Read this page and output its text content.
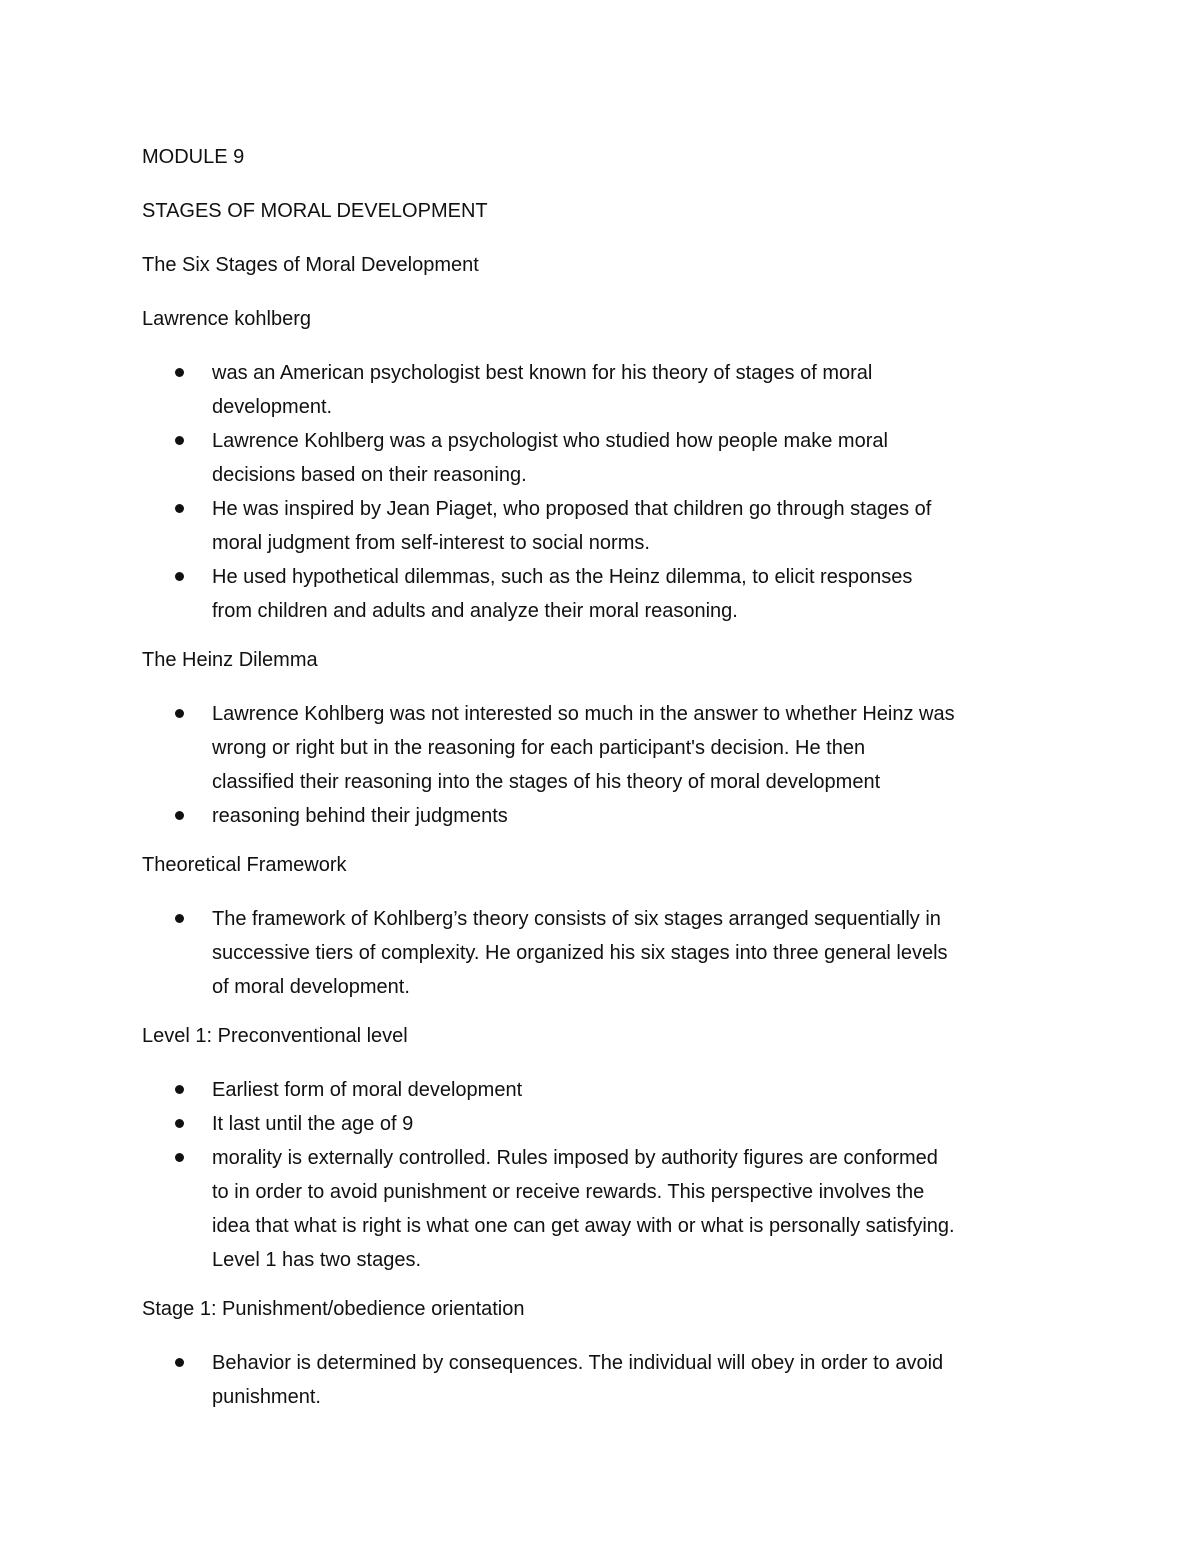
MODULE 9

STAGES OF MORAL DEVELOPMENT

The Six Stages of Moral Development

Lawrence kohlberg

was an American psychologist best known for his theory of stages of moral
development.
Lawrence Kohlberg was a psychologist who studied how people make moral
decisions based on their reasoning.
He was inspired by Jean Piaget, who proposed that children go through stages of
moral judgment from self-interest to social norms.
He used hypothetical dilemmas, such as the Heinz dilemma, to elicit responses
from children and adults and analyze their moral reasoning.

The Heinz Dilemma

Lawrence Kohlberg was not interested so much in the answer to whether Heinz was
wrong or right but in the reasoning for each participant's decision. He then
classified their reasoning into the stages of his theory of moral development
reasoning behind their judgments

Theoretical Framework

The framework of Kohlberg’s theory consists of six stages arranged sequentially in
successive tiers of complexity. He organized his six stages into three general levels
of moral development.

Level 1: Preconventional level

Earliest form of moral development
It last until the age of 9
morality is externally controlled. Rules imposed by authority figures are conformed
to in order to avoid punishment or receive rewards. This perspective involves the
idea that what is right is what one can get away with or what is personally satisfying.
Level 1 has two stages.

Stage 1: Punishment/obedience orientation

Behavior is determined by consequences. The individual will obey in order to avoid
punishment.
